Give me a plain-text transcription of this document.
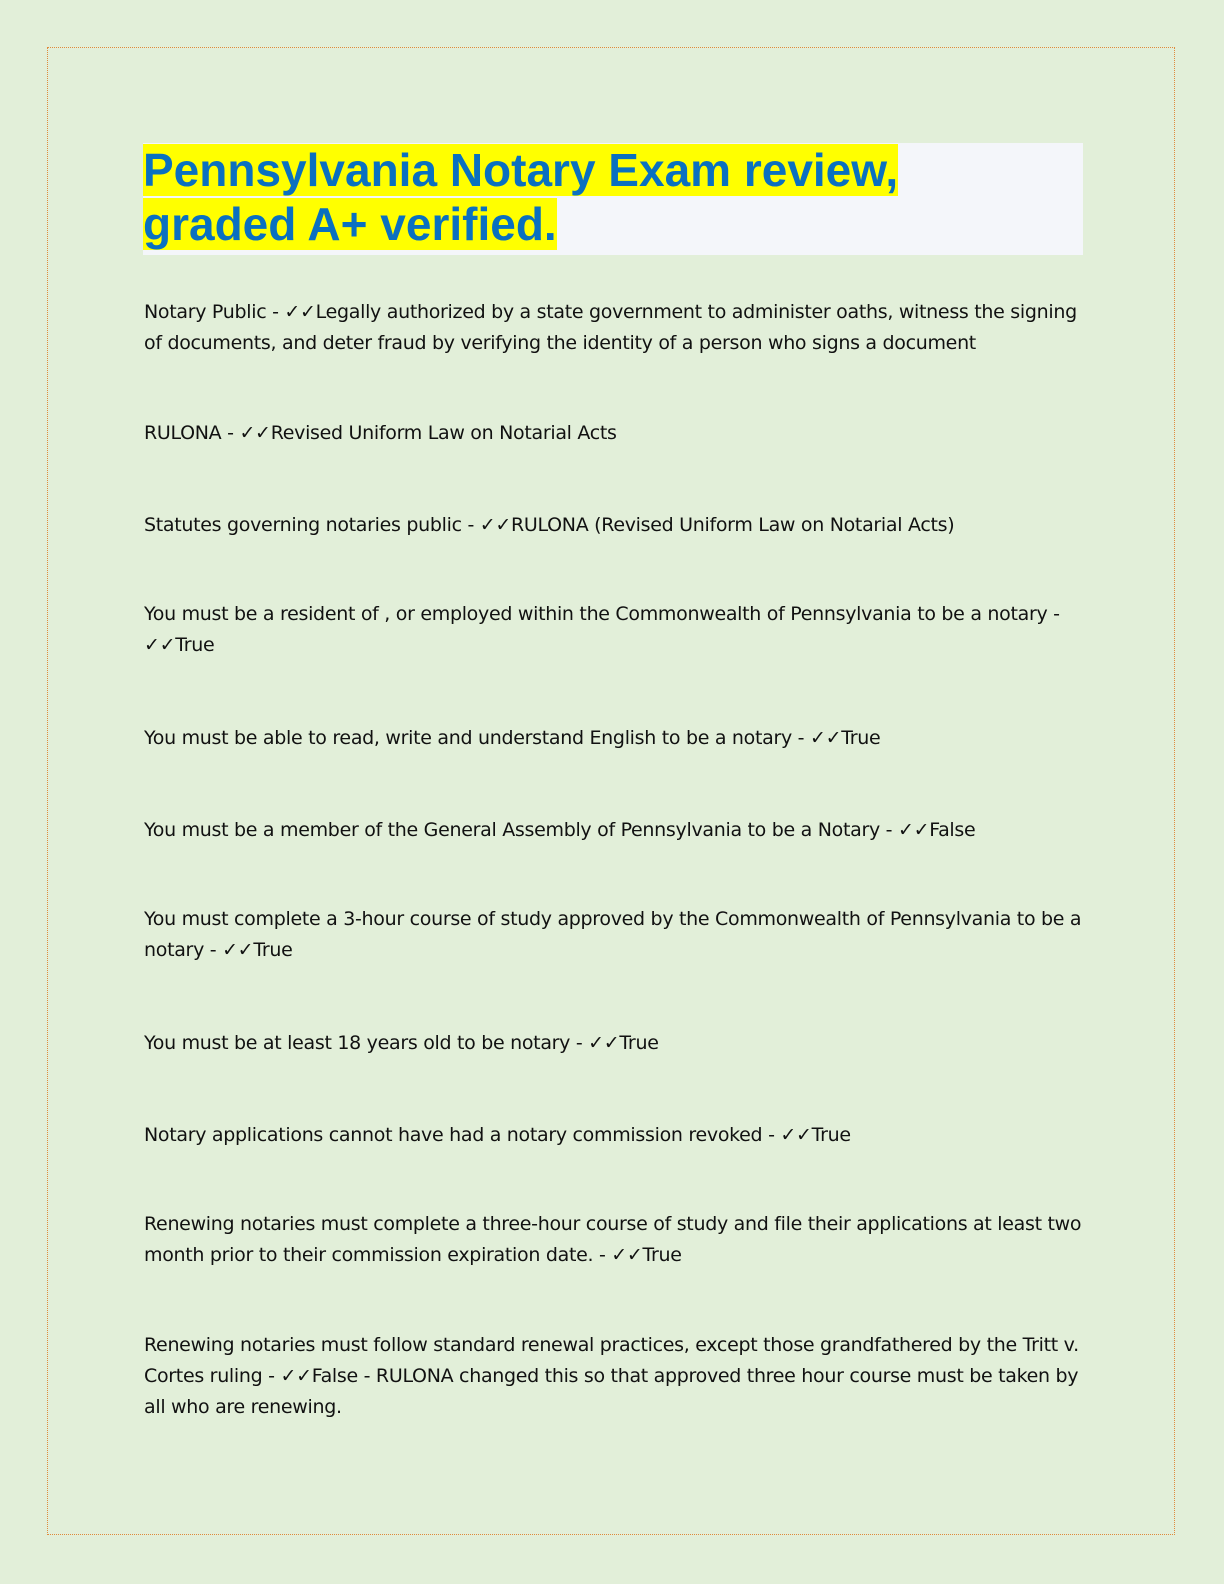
Pennsylvania Notary Exam review,
graded A+ verified.

Notary Public - ✓✓Legally authorized by a state government to administer oaths, witness the signing of documents, and deter fraud by verifying the identity of a person who signs a document

RULONA - ✓✓Revised Uniform Law on Notarial Acts

Statutes governing notaries public - ✓✓RULONA (Revised Uniform Law on Notarial Acts)

You must be a resident of , or employed within the Commonwealth of Pennsylvania to be a notary - ✓✓True

You must be able to read, write and understand English to be a notary - ✓✓True

You must be a member of the General Assembly of Pennsylvania to be a Notary - ✓✓False

You must complete a 3-hour course of study approved by the Commonwealth of Pennsylvania to be a notary - ✓✓True

You must be at least 18 years old to be notary - ✓✓True

Notary applications cannot have had a notary commission revoked - ✓✓True

Renewing notaries must complete a three-hour course of study and file their applications at least two month prior to their commission expiration date. - ✓✓True

Renewing notaries must follow standard renewal practices, except those grandfathered by the Tritt v. Cortes ruling - ✓✓False - RULONA changed this so that approved three hour course must be taken by all who are renewing.
